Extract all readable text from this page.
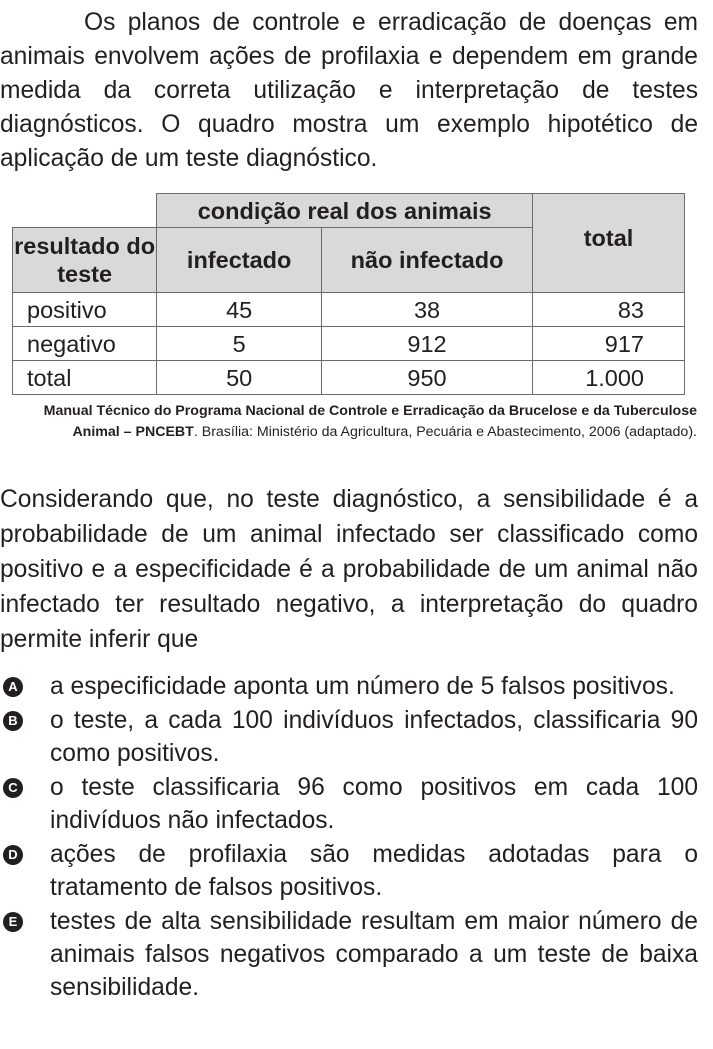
Os planos de controle e erradicação de doenças em animais envolvem ações de profilaxia e dependem em grande medida da correta utilização e interpretação de testes diagnósticos. O quadro mostra um exemplo hipotético de aplicação de um teste diagnóstico.

	condição real dos animais		total
resultado do teste	infectado	não infectado	
positivo	45	38	83
negativo	5	912	917
total	50	950	1.000
Manual Técnico do Programa Nacional de Controle e Erradicação da Brucelose e da Tuberculose Animal – PNCEBT. Brasília: Ministério da Agricultura, Pecuária e Abastecimento, 2006 (adaptado).

Considerando que, no teste diagnóstico, a sensibilidade é a probabilidade de um animal infectado ser classificado como positivo e a especificidade é a probabilidade de um animal não infectado ter resultado negativo, a interpretação do quadro permite inferir que

A a especificidade aponta um número de 5 falsos positivos.
B o teste, a cada 100 indivíduos infectados, classificaria 90 como positivos.
C o teste classificaria 96 como positivos em cada 100 indivíduos não infectados.
D ações de profilaxia são medidas adotadas para o tratamento de falsos positivos.
E testes de alta sensibilidade resultam em maior número de animais falsos negativos comparado a um teste de baixa sensibilidade.
